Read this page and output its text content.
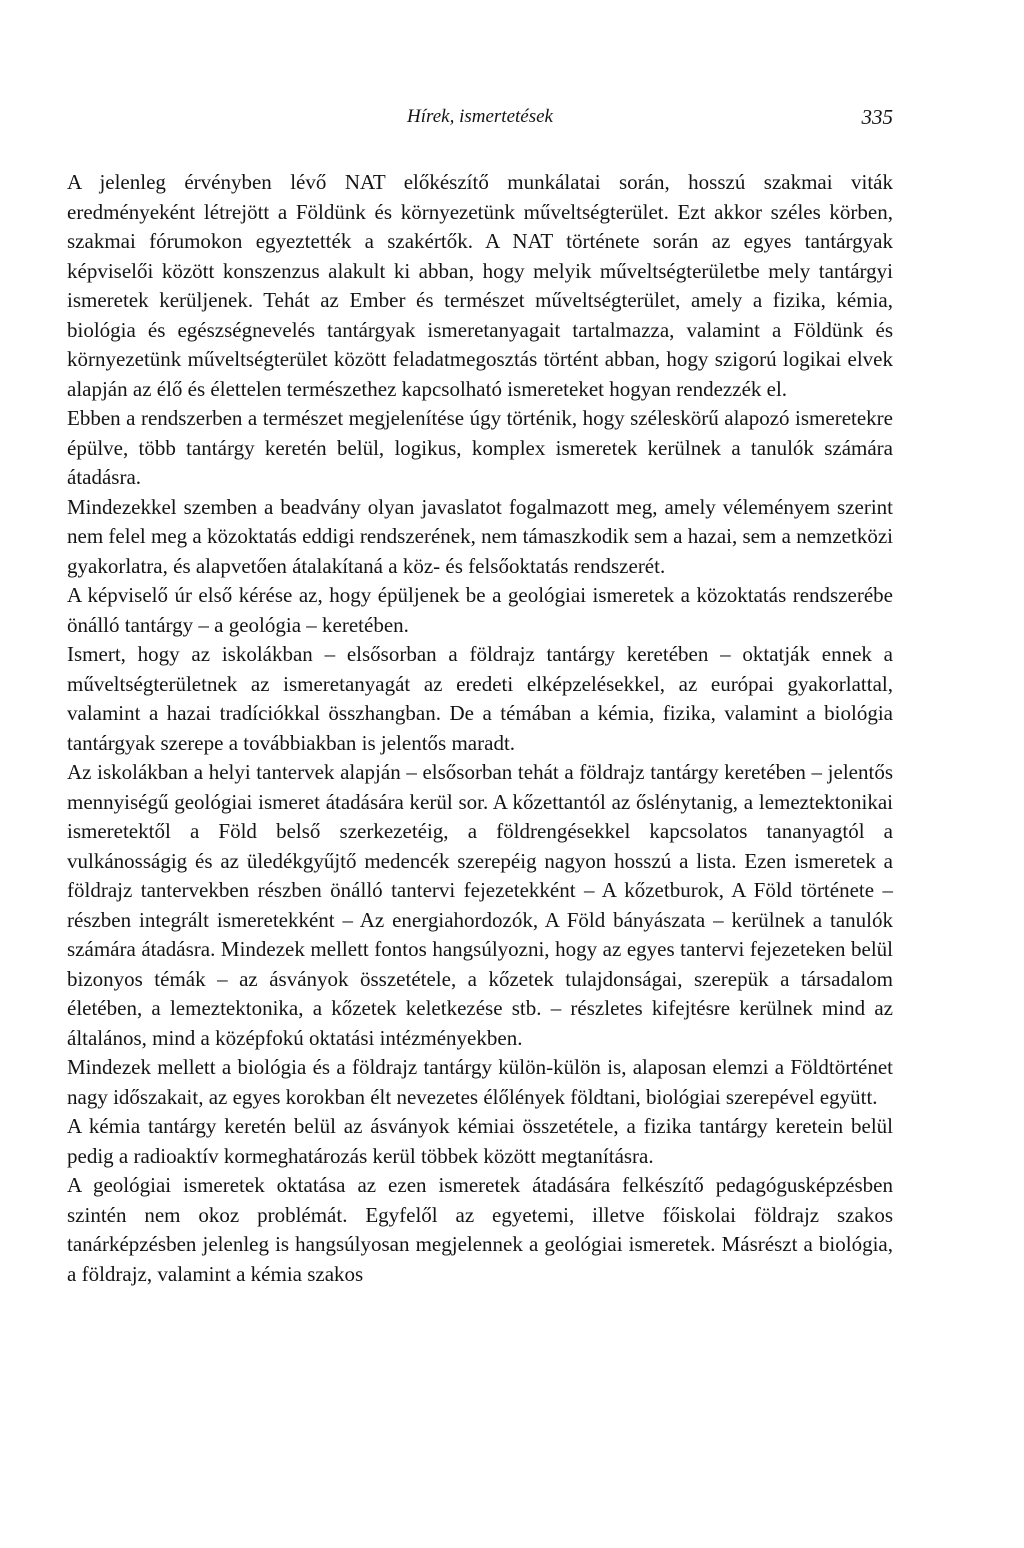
Hírek, ismertetések	335

A jelenleg érvényben lévő NAT előkészítő munkálatai során, hosszú szakmai viták eredményeként létrejött a Földünk és környezetünk műveltségterület. Ezt akkor széles körben, szakmai fórumokon egyeztették a szakértők. A NAT története során az egyes tantárgyak képviselői között konszenzus alakult ki abban, hogy melyik műveltségterületbe mely tantárgyi ismeretek kerüljenek. Tehát az Ember és természet műveltségterület, amely a fizika, kémia, biológia és egészségnevelés tantárgyak ismeretanyagait tartalmazza, valamint a Földünk és környezetünk műveltségterület között feladatmegosztás történt abban, hogy szigorú logikai elvek alapján az élő és élettelen természethez kapcsolható ismereteket hogyan rendezzék el.

Ebben a rendszerben a természet megjelenítése úgy történik, hogy széleskörű alapozó ismeretekre épülve, több tantárgy keretén belül, logikus, komplex ismeretek kerülnek a tanulók számára átadásra.

Mindezekkel szemben a beadvány olyan javaslatot fogalmazott meg, amely véleményem szerint nem felel meg a közoktatás eddigi rendszerének, nem támaszkodik sem a hazai, sem a nemzetközi gyakorlatra, és alapvetően átalakítaná a köz- és felsőoktatás rendszerét.

A képviselő úr első kérése az, hogy épüljenek be a geológiai ismeretek a közoktatás rendszerébe önálló tantárgy – a geológia – keretében.

Ismert, hogy az iskolákban – elsősorban a földrajz tantárgy keretében – oktatják ennek a műveltségterületnek az ismeretanyagát az eredeti elképzelésekkel, az európai gyakorlattal, valamint a hazai tradíciókkal összhangban. De a témában a kémia, fizika, valamint a biológia tantárgyak szerepe a továbbiakban is jelentős maradt.

Az iskolákban a helyi tantervek alapján – elsősorban tehát a földrajz tantárgy keretében – jelentős mennyiségű geológiai ismeret átadására kerül sor. A kőzettantól az őslénytanig, a lemeztektonikai ismeretektől a Föld belső szerkezetéig, a földrengésekkel kapcsolatos tananyagtól a vulkánosságig és az üledékgyűjtő medencék szerepéig nagyon hosszú a lista. Ezen ismeretek a földrajz tantervekben részben önálló tantervi fejezetekként – A kőzetburok, A Föld története – részben integrált ismeretekként – Az energiahordozók, A Föld bányászata – kerülnek a tanulók számára átadásra. Mindezek mellett fontos hangsúlyozni, hogy az egyes tantervi fejezeteken belül bizonyos témák – az ásványok összetétele, a kőzetek tulajdonságai, szerepük a társadalom életében, a lemeztektonika, a kőzetek keletkezése stb. – részletes kifejtésre kerülnek mind az általános, mind a középfokú oktatási intézményekben.

Mindezek mellett a biológia és a földrajz tantárgy külön-külön is, alaposan elemzi a Földtörténet nagy időszakait, az egyes korokban élt nevezetes élőlények földtani, biológiai szerepével együtt.

A kémia tantárgy keretén belül az ásványok kémiai összetétele, a fizika tantárgy keretein belül pedig a radioaktív kormeghatározás kerül többek között megtanításra.

A geológiai ismeretek oktatása az ezen ismeretek átadására felkészítő pedagógusképzésben szintén nem okoz problémát. Egyfelől az egyetemi, illetve főiskolai földrajz szakos tanárképzésben jelenleg is hangsúlyosan megjelennek a geológiai ismeretek. Másrészt a biológia, a földrajz, valamint a kémia szakos
